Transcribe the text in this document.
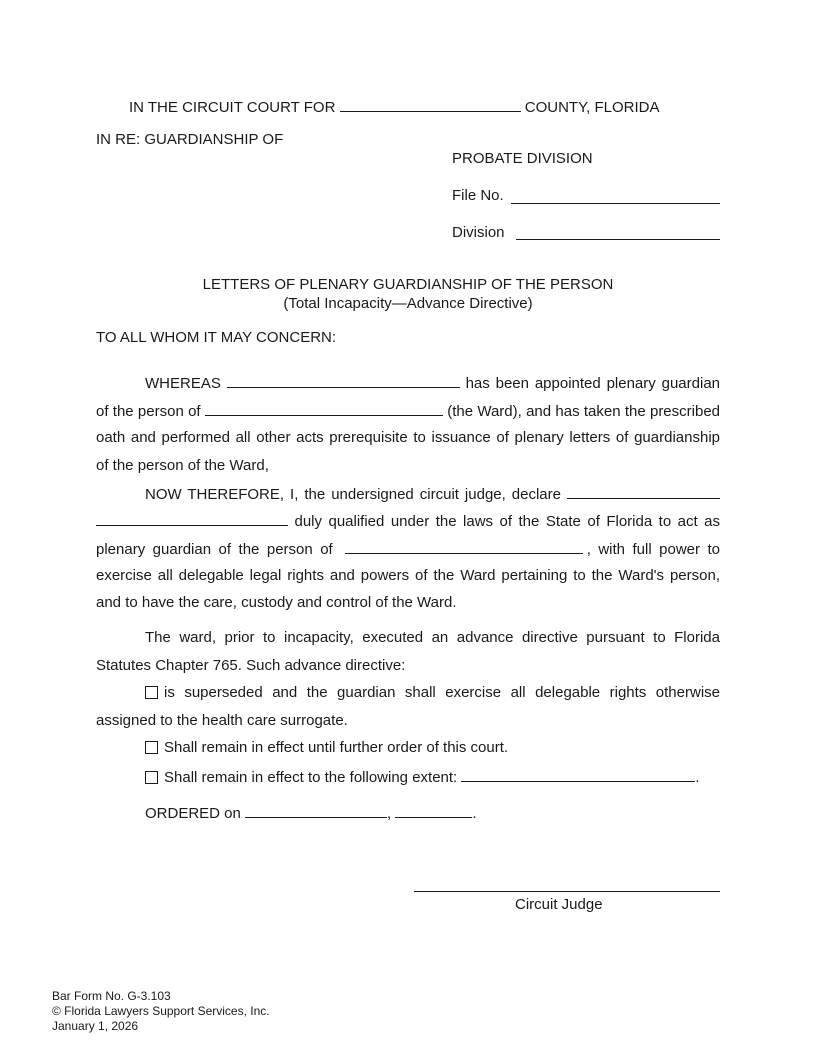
IN THE CIRCUIT COURT FOR	COUNTY, FLORIDA
IN RE: GUARDIANSHIP OF
PROBATE DIVISION
File No.
Division
LETTERS OF PLENARY GUARDIANSHIP OF THE PERSON
(Total Incapacity—Advance Directive)
TO ALL WHOM IT MAY CONCERN:
WHEREAS	has been appointed plenary guardian
of the person of	(the Ward), and has taken the prescribed
oath and performed all other acts prerequisite to issuance of plenary letters of guardianship
of the person of the Ward,
NOW THEREFORE, I, the undersigned circuit judge, declare
duly qualified under the laws of the State of Florida to act as
plenary guardian of the person of	, with full power to
exercise all delegable legal rights and powers of the Ward pertaining to the Ward's person,
and to have the care, custody and control of the Ward.
The ward, prior to incapacity, executed an advance directive pursuant to Florida
Statutes Chapter 765. Such advance directive:
is superseded and the guardian shall exercise all delegable rights otherwise
assigned to the health care surrogate.
Shall remain in effect until further order of this court.
Shall remain in effect to the following extent:	.
ORDERED on	,	.
Circuit Judge
Bar Form No. G-3.103
© Florida Lawyers Support Services, Inc.
January 1, 2026
